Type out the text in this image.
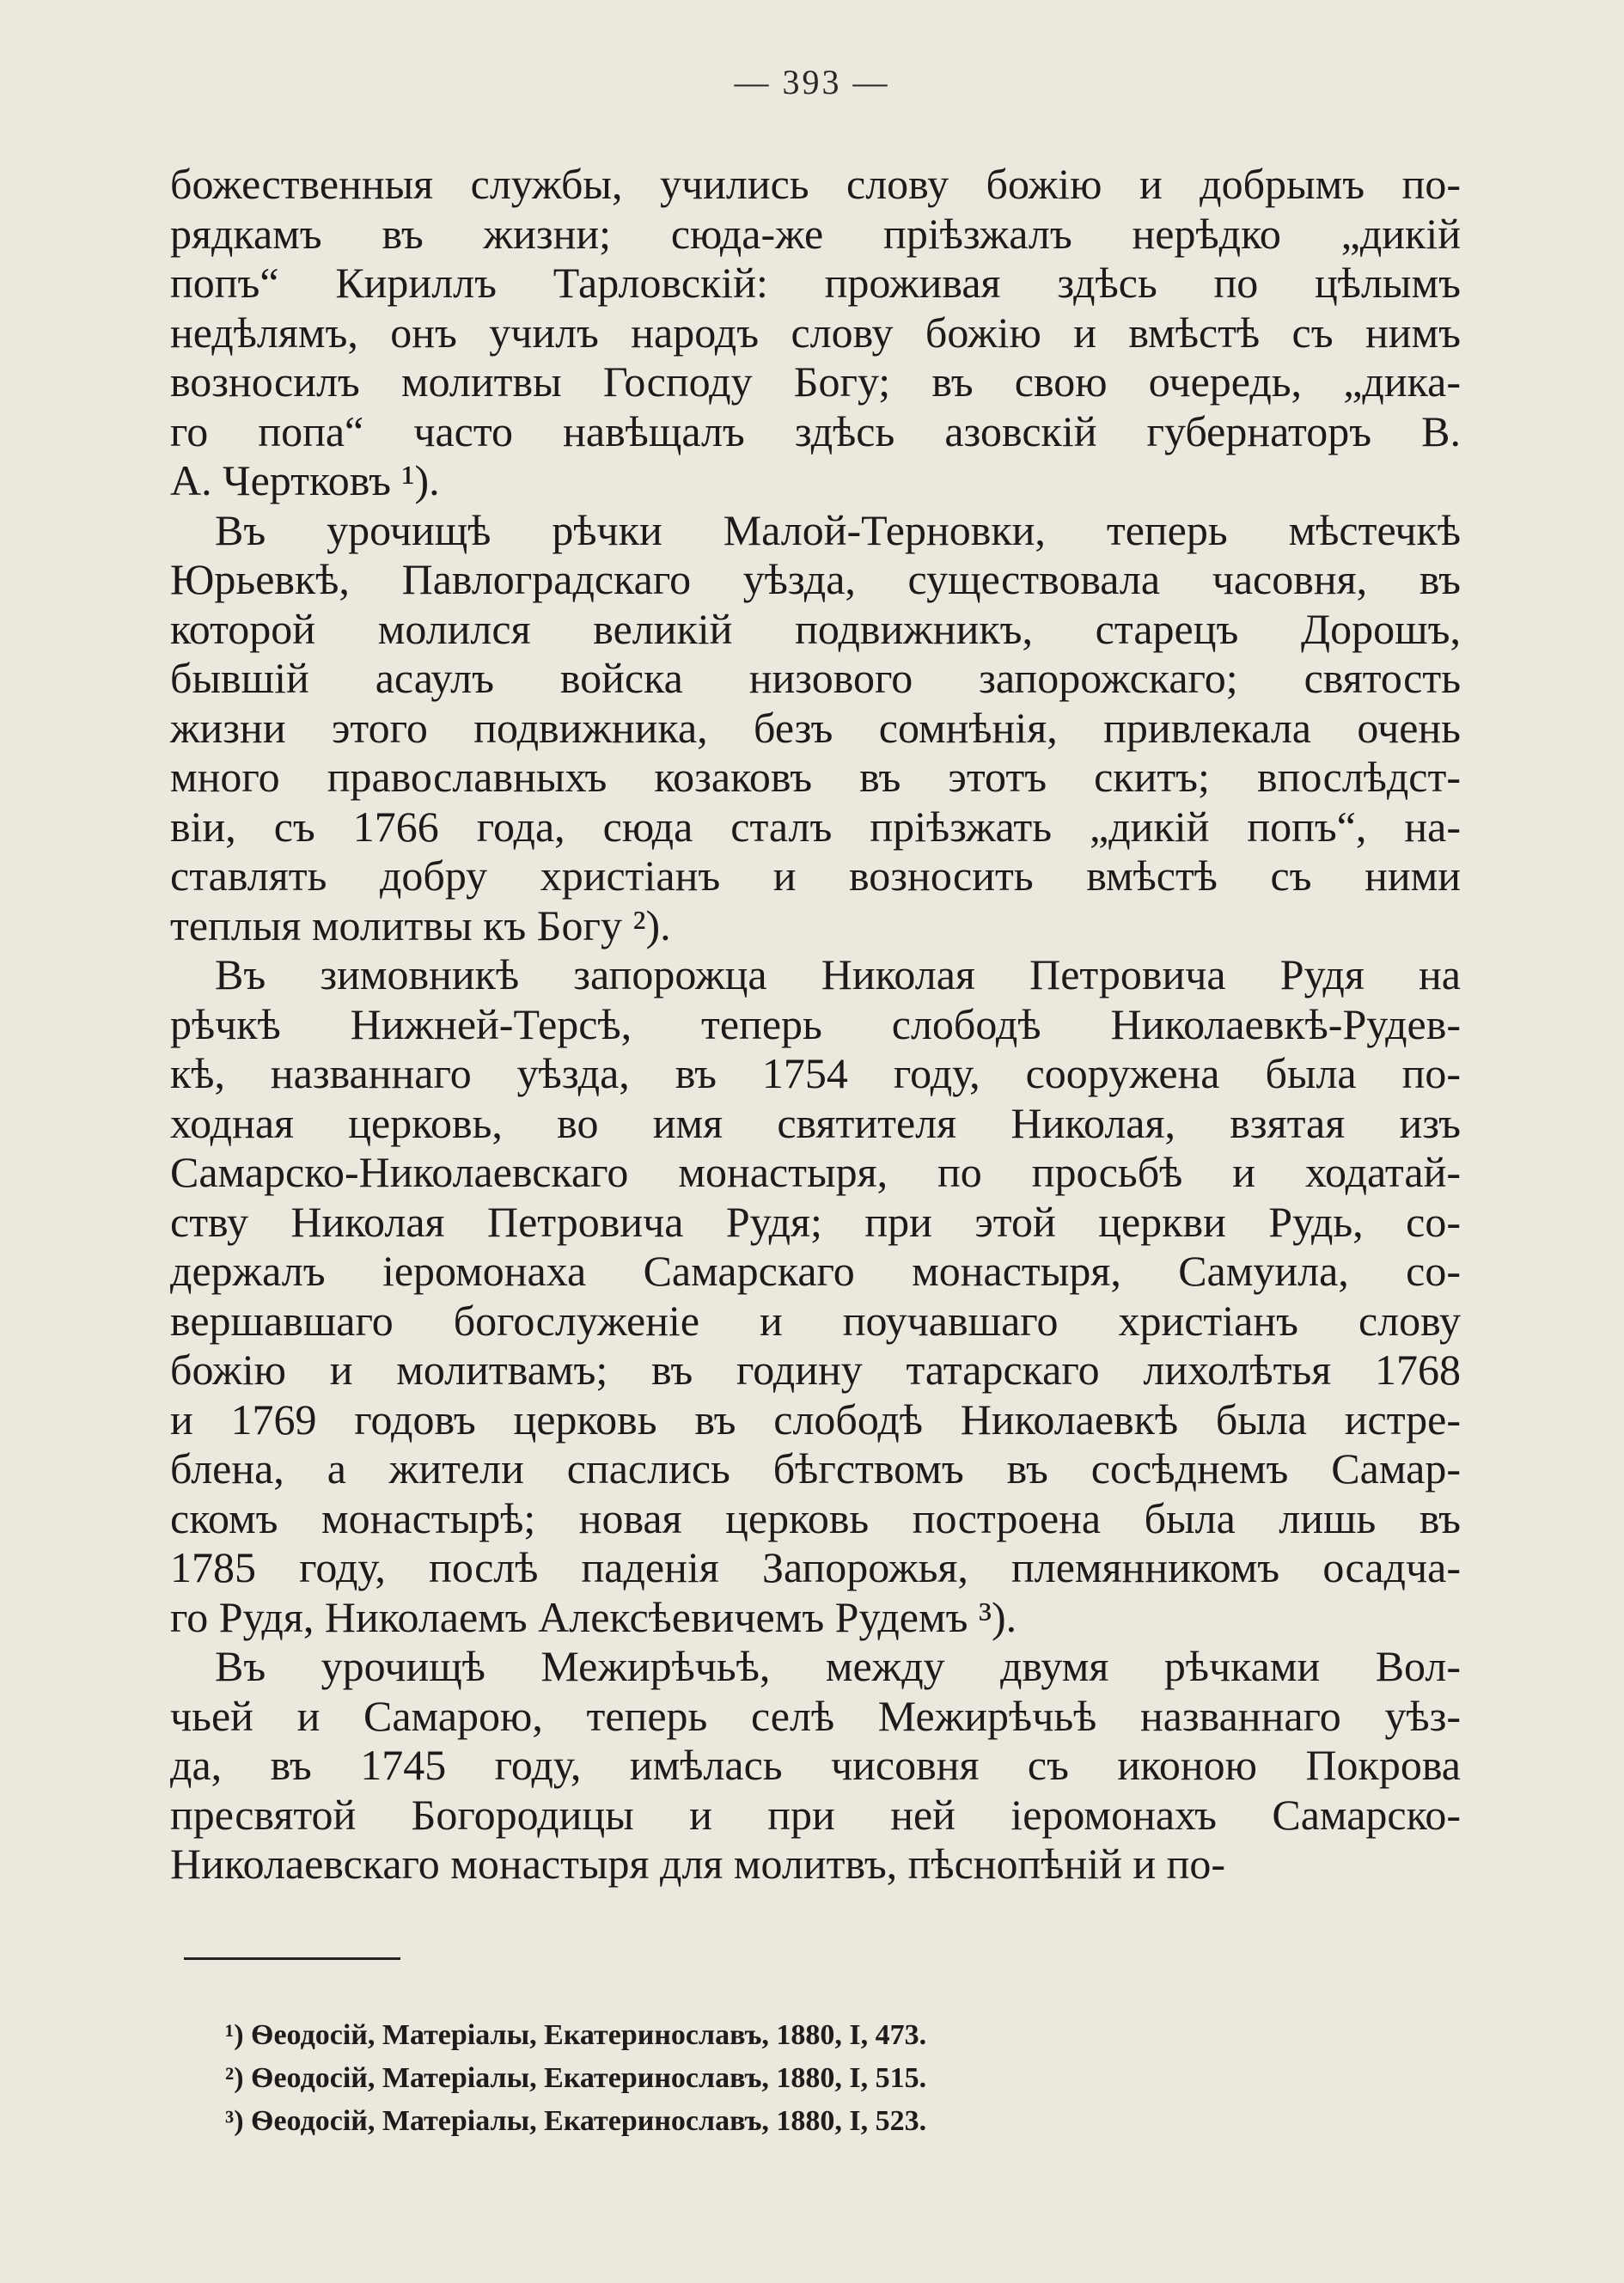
— 393 —
божественныя службы, учились слову божію и добрымъ по-
рядкамъ въ жизни; сюда-же пріѣзжалъ нерѣдко „дикій
попъ“ Кириллъ Тарловскій: проживая здѣсь по цѣлымъ
недѣлямъ, онъ училъ народъ слову божію и вмѣстѣ съ нимъ
возносилъ молитвы Господу Богу; въ свою очередь, „дика-
го попа“ часто навѣщалъ здѣсь азовскій губернаторъ В.
А. Чертковъ ¹).
Въ урочищѣ рѣчки Малой-Терновки, теперь мѣстечкѣ
Юрьевкѣ, Павлоградскаго уѣзда, существовала часовня, въ
которой молился великій подвижникъ, старецъ Дорошъ,
бывшій асаулъ войска низового запорожскаго; святость
жизни этого подвижника, безъ сомнѣнія, привлекала очень
много православныхъ козаковъ въ этотъ скитъ; впослѣдст-
віи, съ 1766 года, сюда сталъ пріѣзжать „дикій попъ“, на-
ставлять добру христіанъ и возносить вмѣстѣ съ ними
теплыя молитвы къ Богу ²).
Въ зимовникѣ запорожца Николая Петровича Рудя на
рѣчкѣ Нижней-Терсѣ, теперь слободѣ Николаевкѣ-Рудев-
кѣ, названнаго уѣзда, въ 1754 году, сооружена была по-
ходная церковь, во имя святителя Николая, взятая изъ
Самарско-Николаевскаго монастыря, по просьбѣ и ходатай-
ству Николая Петровича Рудя; при этой церкви Рудь, со-
держалъ іеромонаха Самарскаго монастыря, Самуила, со-
вершавшаго богослуженіе и поучавшаго христіанъ слову
божію и молитвамъ; въ годину татарскаго лихолѣтья 1768
и 1769 годовъ церковь въ слободѣ Николаевкѣ была истре-
блена, а жители спаслись бѣгствомъ въ сосѣднемъ Самар-
скомъ монастырѣ; новая церковь построена была лишь въ
1785 году, послѣ паденія Запорожья, племянникомъ осадча-
го Рудя, Николаемъ Алексѣевичемъ Рудемъ ³).
Въ урочищѣ Межирѣчьѣ, между двумя рѣчками Вол-
чьей и Самарою, теперь селѣ Межирѣчьѣ названнаго уѣз-
да, въ 1745 году, имѣлась чисовня съ иконою Покрова
пресвятой Богородицы и при ней іеромонахъ Самарско-
Николаевскаго монастыря для молитвъ, пѣснопѣній и по-
¹) Ѳеодосій, Матеріалы, Екатеринославъ, 1880, I, 473.
²) Ѳеодосій, Матеріалы, Екатеринославъ, 1880, I, 515.
³) Ѳеодосій, Матеріалы, Екатеринославъ, 1880, I, 523.
